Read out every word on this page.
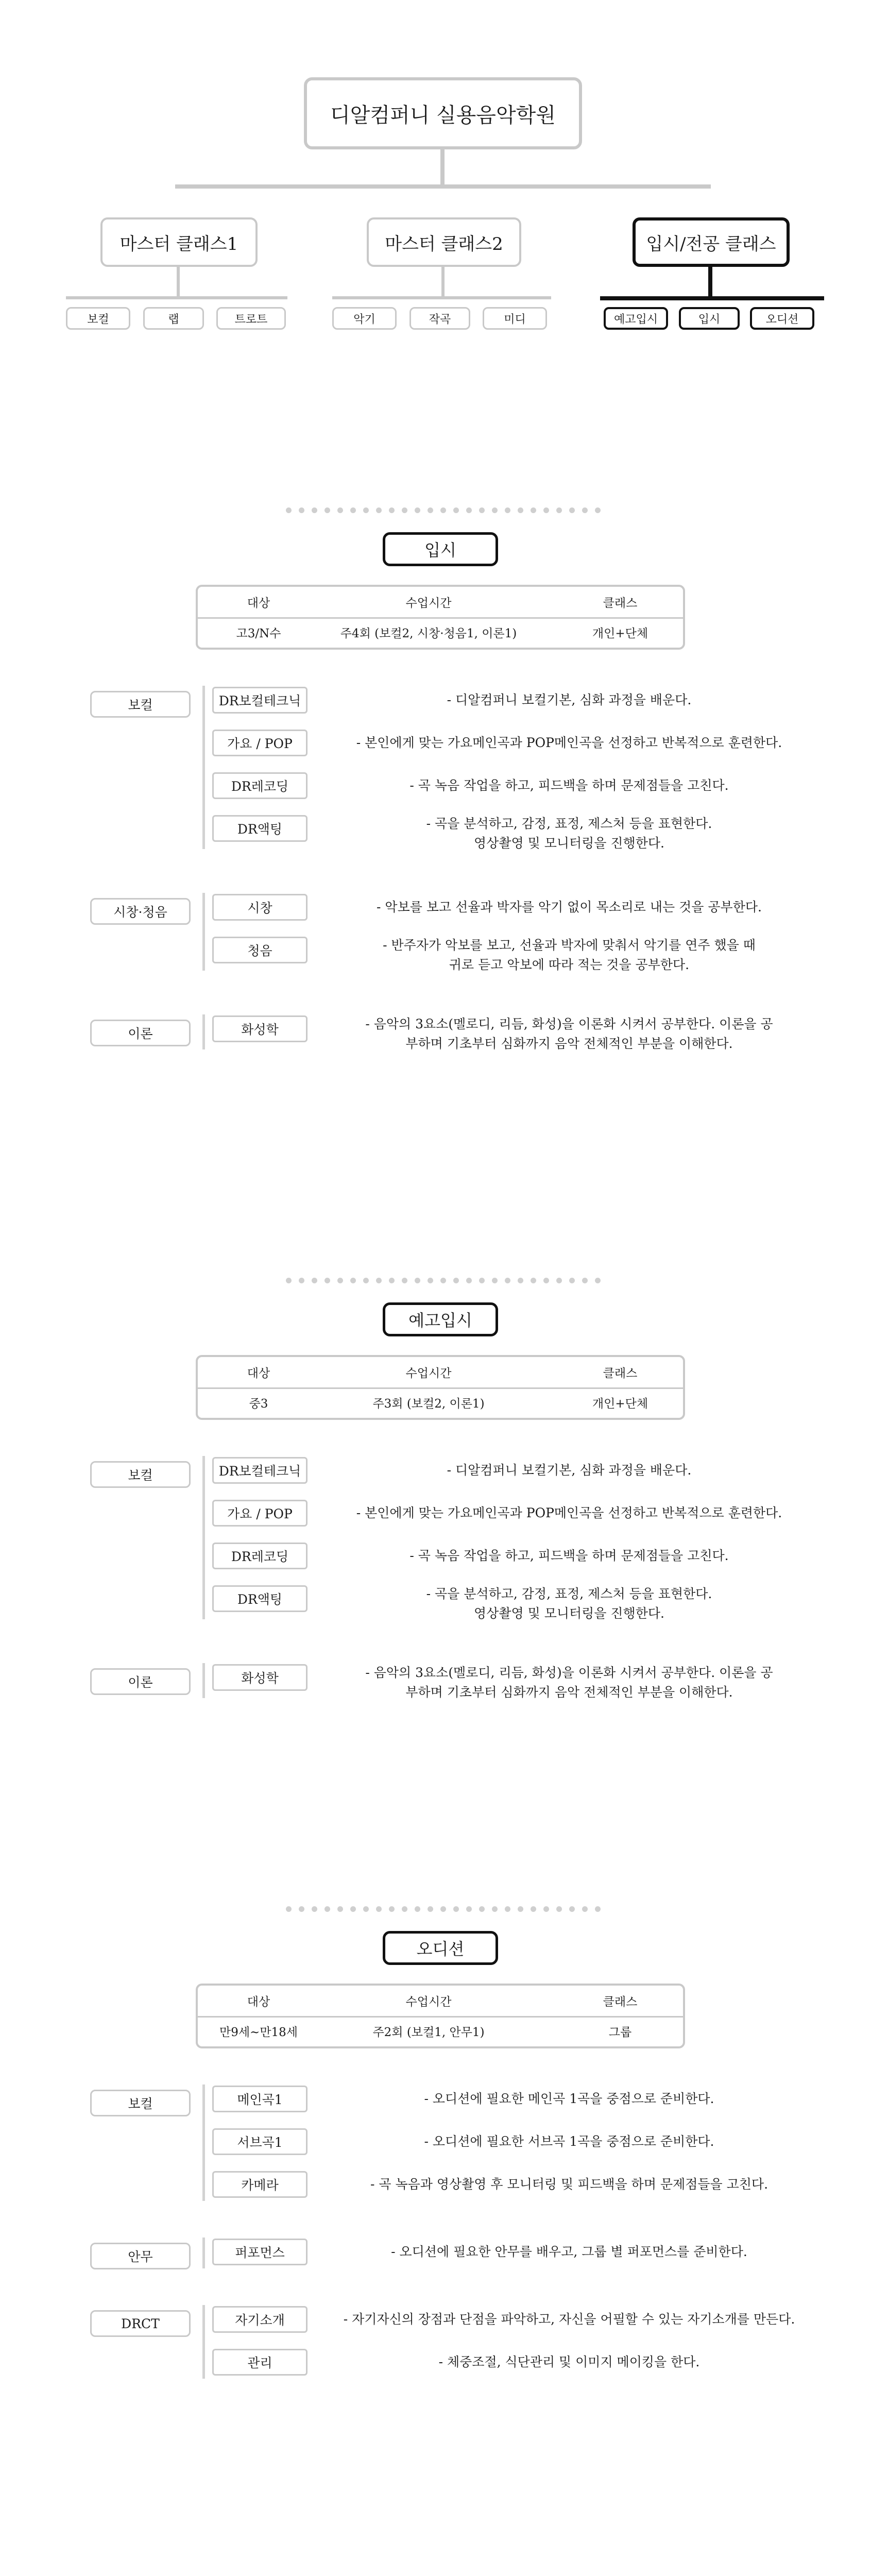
디알컴퍼니 실용음악학원
마스터 클래스1
보컬	랩	트로트
마스터 클래스2
악기	작곡	미디
입시/전공 클래스
예고입시	입시	오디션
입시
대상	수업시간	클래스
고3/N수	주4회 (보컬2, 시창·청음1, 이론1)	개인+단체
보컬	DR보컬테크닉	- 디알컴퍼니 보컬기본, 심화 과정을 배운다.
가요 / POP	- 본인에게 맞는 가요메인곡과 POP메인곡을 선정하고 반복적으로 훈련한다.
DR레코딩	- 곡 녹음 작업을 하고, 피드백을 하며 문제점들을 고친다.
DR액팅	- 곡을 분석하고, 감정, 표정, 제스처 등을 표현한다.
영상촬영 및 모니터링을 진행한다.
시창·청음	시창	- 악보를 보고 선율과 박자를 악기 없이 목소리로 내는 것을 공부한다.
청음	- 반주자가 악보를 보고, 선율과 박자에 맞춰서 악기를 연주 했을 때
귀로 듣고 악보에 따라 적는 것을 공부한다.
이론	화성학	- 음악의 3요소(멜로디, 리듬, 화성)을 이론화 시켜서 공부한다. 이론을 공
부하며 기초부터 심화까지 음악 전체적인 부분을 이해한다.
예고입시
대상	수업시간	클래스
중3	주3회 (보컬2, 이론1)	개인+단체
보컬	DR보컬테크닉	- 디알컴퍼니 보컬기본, 심화 과정을 배운다.
가요 / POP	- 본인에게 맞는 가요메인곡과 POP메인곡을 선정하고 반복적으로 훈련한다.
DR레코딩	- 곡 녹음 작업을 하고, 피드백을 하며 문제점들을 고친다.
DR액팅	- 곡을 분석하고, 감정, 표정, 제스처 등을 표현한다.
영상촬영 및 모니터링을 진행한다.
이론	화성학	- 음악의 3요소(멜로디, 리듬, 화성)을 이론화 시켜서 공부한다. 이론을 공
부하며 기초부터 심화까지 음악 전체적인 부분을 이해한다.
오디션
대상	수업시간	클래스
만9세~만18세	주2회 (보컬1, 안무1)	그룹
보컬	메인곡1	- 오디션에 필요한 메인곡 1곡을 중점으로 준비한다.
서브곡1	- 오디션에 필요한 서브곡 1곡을 중점으로 준비한다.
카메라	- 곡 녹음과 영상촬영 후 모니터링 및 피드백을 하며 문제점들을 고친다.
안무	퍼포먼스	- 오디션에 필요한 안무를 배우고, 그룹 별 퍼포먼스를 준비한다.
DRCT	자기소개	- 자기자신의 장점과 단점을 파악하고, 자신을 어필할 수 있는 자기소개를 만든다.
관리	- 체중조절, 식단관리 및 이미지 메이킹을 한다.
